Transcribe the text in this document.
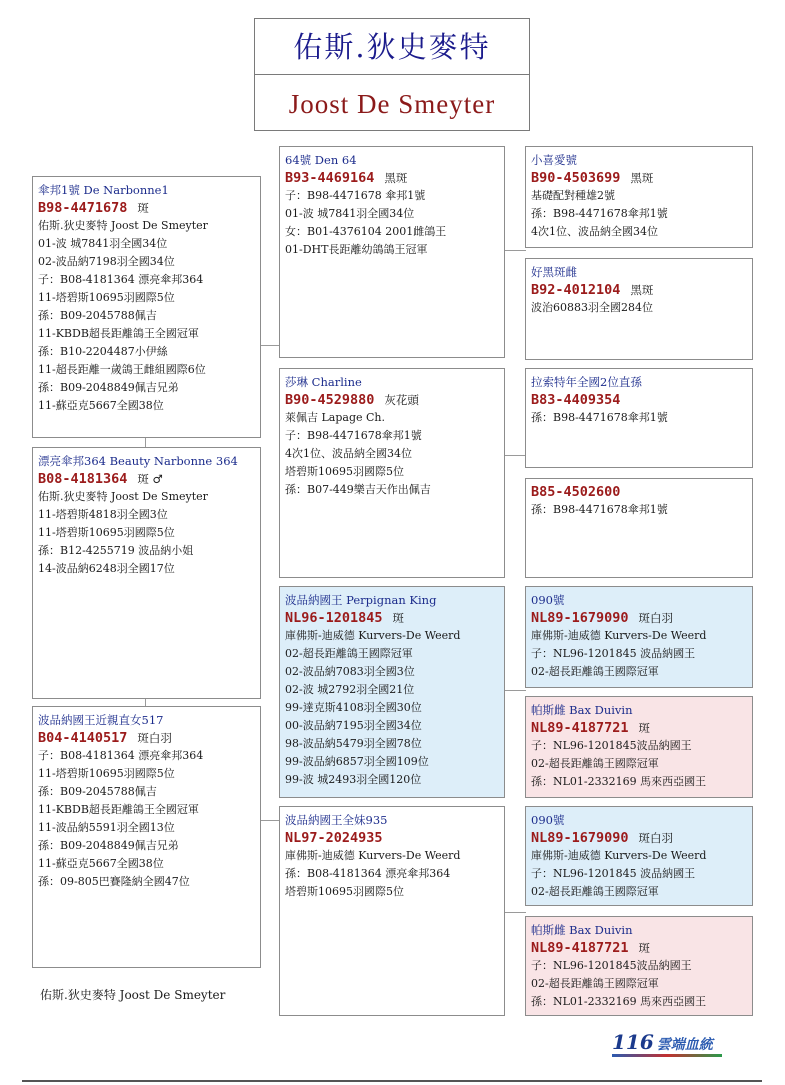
佑斯.狄史麥特
Joost De Smeyter
傘邦1號 De Narbonne1
B98-4471678 斑
佑斯.狄史麥特 Joost De Smeyter
01-波 城7841羽全國34位
02-波品納7198羽全國34位
子：B08-4181364 漂亮傘邦364
11-塔碧斯10695羽國際5位
孫：B09-2045788佩吉
11-KBDB超長距離鴿王全國冠軍
孫：B10-2204487小伊絲
11-超長距離一歲鴿王雌組國際6位
孫：B09-2048849佩吉兄弟
11-蘇亞克5667全國38位
漂亮傘邦364 Beauty Narbonne 364
B08-4181364 斑 ♂
佑斯.狄史麥特 Joost De Smeyter
11-塔碧斯4818羽全國3位
11-塔碧斯10695羽國際5位
孫：B12-4255719 波品納小姐
14-波品納6248羽全國17位
波品納國王近親直女517
B04-4140517 斑白羽
子：B08-4181364 漂亮傘邦364
11-塔碧斯10695羽國際5位
孫：B09-2045788佩吉
11-KBDB超長距離鴿王全國冠軍
11-波品納5591羽全國13位
孫：B09-2048849佩吉兄弟
11-蘇亞克5667全國38位
孫：09-805巴賽隆納全國47位
64號 Den 64
B93-4469164 黑斑
子：B98-4471678 傘邦1號
01-波 城7841羽全國34位
女：B01-4376104 2001雌鴿王
01-DHT長距離幼鴿鴿王冠軍
莎琳 Charline
B90-4529880 灰花頭
萊佩吉 Lapage Ch.
子：B98-4471678傘邦1號
4次1位、波品納全國34位
塔碧斯10695羽國際5位
孫：B07-449樂吉天作出佩吉
波品納國王 Perpignan King
NL96-1201845 斑
庫佛斯-迪威德 Kurvers-De Weerd
02-超長距離鴿王國際冠軍
02-波品納7083羽全國3位
02-波 城2792羽全國21位
99-達克斯4108羽全國30位
00-波品納7195羽全國34位
98-波品納5479羽全國78位
99-波品納6857羽全國109位
99-波 城2493羽全國120位
波品納國王全妹935
NL97-2024935
庫佛斯-迪威德 Kurvers-De Weerd
孫：B08-4181364 漂亮傘邦364
塔碧斯10695羽國際5位
小喜愛號
B90-4503699 黑斑
基礎配對種雄2號
孫：B98-4471678傘邦1號
4次1位、波品納全國34位
好黑斑雌
B92-4012104 黑斑
波治60883羽全國284位
拉索特年全國2位直孫
B83-4409354
孫：B98-4471678傘邦1號
B85-4502600
孫：B98-4471678傘邦1號
090號
NL89-1679090 斑白羽
庫佛斯-迪威德 Kurvers-De Weerd
子：NL96-1201845 波品納國王
02-超長距離鴿王國際冠軍
帕斯雌 Bax Duivin
NL89-4187721 斑
子：NL96-1201845波品納國王
02-超長距離鴿王國際冠軍
孫：NL01-2332169 馬來西亞國王
090號
NL89-1679090 斑白羽
庫佛斯-迪威德 Kurvers-De Weerd
子：NL96-1201845 波品納國王
02-超長距離鴿王國際冠軍
帕斯雌 Bax Duivin
NL89-4187721 斑
子：NL96-1201845波品納國王
02-超長距離鴿王國際冠軍
孫：NL01-2332169 馬來西亞國王
佑斯.狄史麥特 Joost De Smeyter
116 雲端血統
